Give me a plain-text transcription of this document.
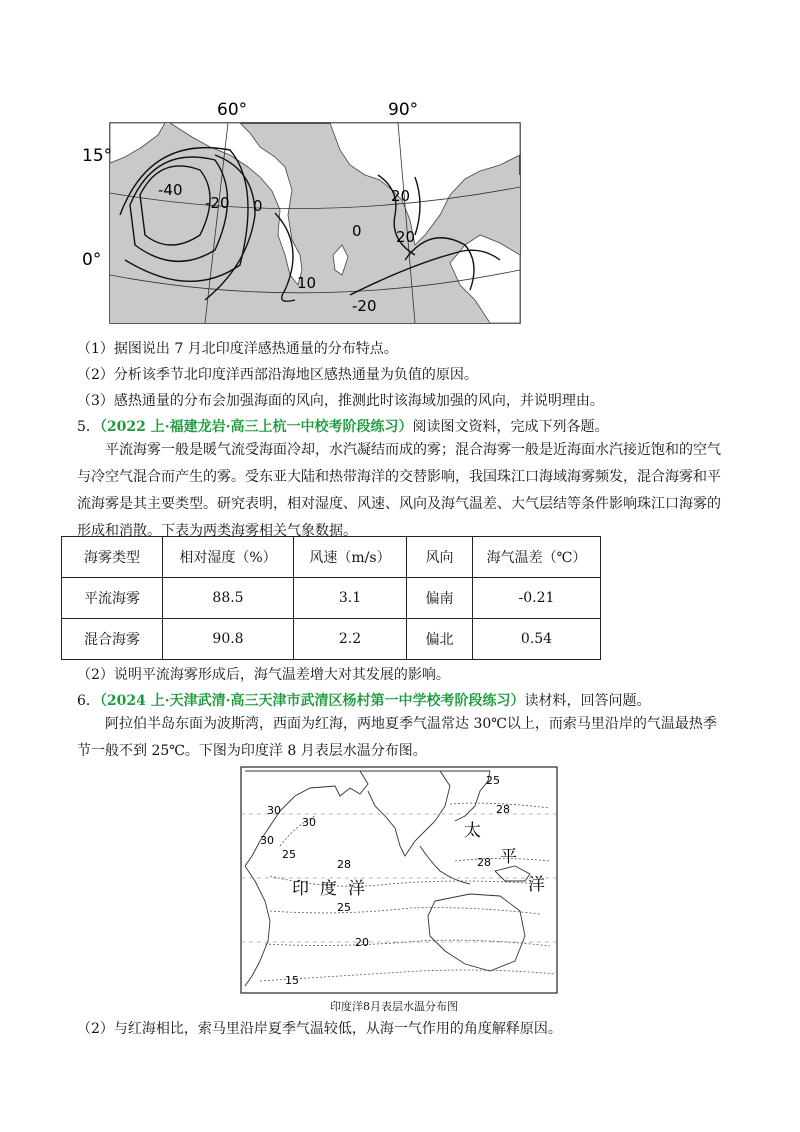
60°	90°
15°
0°
-40
-20 0
20
0 20
10
-20
（1）据图说出 7 月北印度洋感热通量的分布特点。
（2）分析该季节北印度洋西部沿海地区感热通量为负值的原因。
（3）感热通量的分布会加强海面的风向，推测此时该海域加强的风向，并说明理由。
5．（2022 上·福建龙岩·高三上杭一中校考阶段练习）阅读图文资料，完成下列各题。
平流海雾一般是暖气流受海面冷却，水汽凝结而成的雾；混合海雾一般是近海面水汽接近饱和的空气与冷空气混合而产生的雾。受东亚大陆和热带海洋的交替影响，我国珠江口海域海雾频发，混合海雾和平流海雾是其主要类型。研究表明，相对湿度、风速、风向及海气温差、大气层结等条件影响珠江口海雾的形成和消散。下表为两类海雾相关气象数据。
海雾类型	相对湿度（%）	风速（m/s）	风向	海气温差（℃）
平流海雾	88.5	3.1	偏南	-0.21
混合海雾	90.8	2.2	偏北	0.54
（2）说明平流海雾形成后，海气温差增大对其发展的影响。
6．（2024 上·天津武清·高三天津市武清区杨村第一中学校考阶段练习）读材料，回答问题。
阿拉伯半岛东面为波斯湾，西面为红海，两地夏季气温常达 30℃以上，而索马里沿岸的气温最热季节一般不到 25℃。下图为印度洋 8 月表层水温分布图。
25
28
30
30
30
25
28	28
25
20
15
印 度 洋
太
平
洋
印度洋8月表层水温分布图
（2）与红海相比，索马里沿岸夏季气温较低，从海一气作用的角度解释原因。
